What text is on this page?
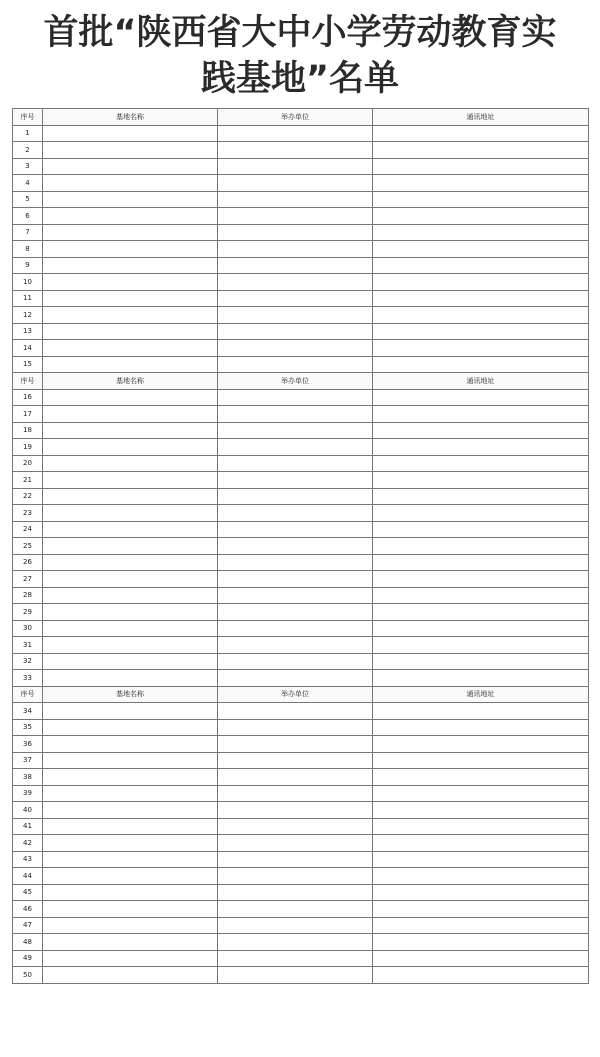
首批“陕西省大中小学劳动教育实
践基地”名单
序号	基地名称	举办单位	通讯地址
1			
2			
3			
4			
5			
6			
7			
8			
9			
10			
11			
12			
13			
14			
15			
序号	基地名称	举办单位	通讯地址
16			
17			
18			
19			
20			
21			
22			
23			
24			
25			
26			
27			
28			
29			
30			
31			
32			
33			
序号	基地名称	举办单位	通讯地址
34			
35			
36			
37			
38			
39			
40			
41			
42			
43			
44			
45			
46			
47			
48			
49			
50			
